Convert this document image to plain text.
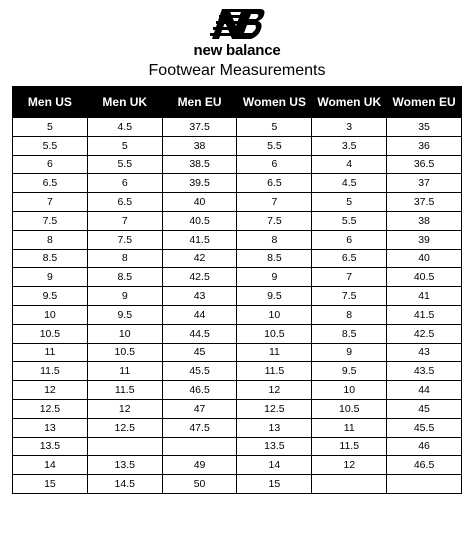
new balance
Footwear Measurements
Men US	Men UK	Men EU	Women US	Women UK	Women EU
5	4.5	37.5	5	3	35
5.5	5	38	5.5	3.5	36
6	5.5	38.5	6	4	36.5
6.5	6	39.5	6.5	4.5	37
7	6.5	40	7	5	37.5
7.5	7	40.5	7.5	5.5	38
8	7.5	41.5	8	6	39
8.5	8	42	8.5	6.5	40
9	8.5	42.5	9	7	40.5
9.5	9	43	9.5	7.5	41
10	9.5	44	10	8	41.5
10.5	10	44.5	10.5	8.5	42.5
11	10.5	45	11	9	43
11.5	11	45.5	11.5	9.5	43.5
12	11.5	46.5	12	10	44
12.5	12	47	12.5	10.5	45
13	12.5	47.5	13	11	45.5
13.5			13.5	11.5	46
14	13.5	49	14	12	46.5
15	14.5	50	15		
